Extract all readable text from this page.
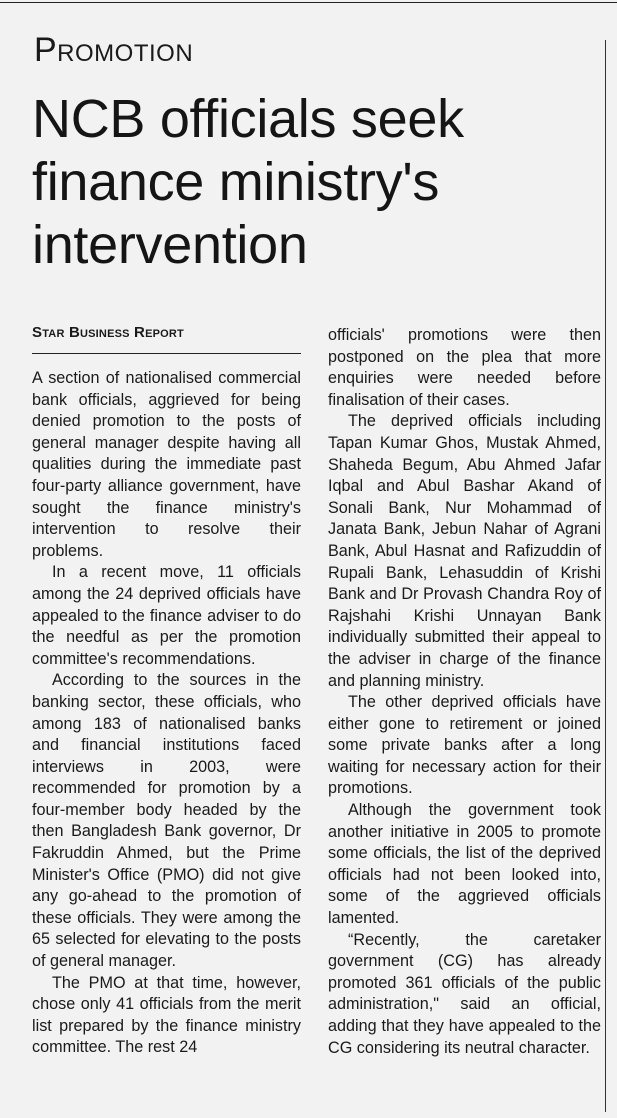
Promotion
NCB officials seek finance ministry's intervention
Star Business Report

A section of nationalised commercial bank officials, aggrieved for being denied promotion to the posts of general manager despite having all qualities during the immediate past four-party alliance government, have sought the finance ministry's intervention to resolve their problems.

In a recent move, 11 officials among the 24 deprived officials have appealed to the finance adviser to do the needful as per the promotion committee's recommendations.

According to the sources in the banking sector, these officials, who among 183 of nationalised banks and financial institutions faced interviews in 2003, were recommended for promotion by a four-member body headed by the then Bangladesh Bank governor, Dr Fakruddin Ahmed, but the Prime Minister's Office (PMO) did not give any go-ahead to the promotion of these officials. They were among the 65 selected for elevating to the posts of general manager.

The PMO at that time, however, chose only 41 officials from the merit list prepared by the finance ministry committee. The rest 24

officials' promotions were then postponed on the plea that more enquiries were needed before finalisation of their cases.

The deprived officials including Tapan Kumar Ghos, Mustak Ahmed, Shaheda Begum, Abu Ahmed Jafar Iqbal and Abul Bashar Akand of Sonali Bank, Nur Mohammad of Janata Bank, Jebun Nahar of Agrani Bank, Abul Hasnat and Rafizuddin of Rupali Bank, Lehasuddin of Krishi Bank and Dr Provash Chandra Roy of Rajshahi Krishi Unnayan Bank individually submitted their appeal to the adviser in charge of the finance and planning ministry.

The other deprived officials have either gone to retirement or joined some private banks after a long waiting for necessary action for their promotions.

Although the government took another initiative in 2005 to promote some officials, the list of the deprived officials had not been looked into, some of the aggrieved officials lamented.

“Recently, the caretaker government (CG) has already promoted 361 officials of the public administration," said an official, adding that they have appealed to the CG considering its neutral character.
